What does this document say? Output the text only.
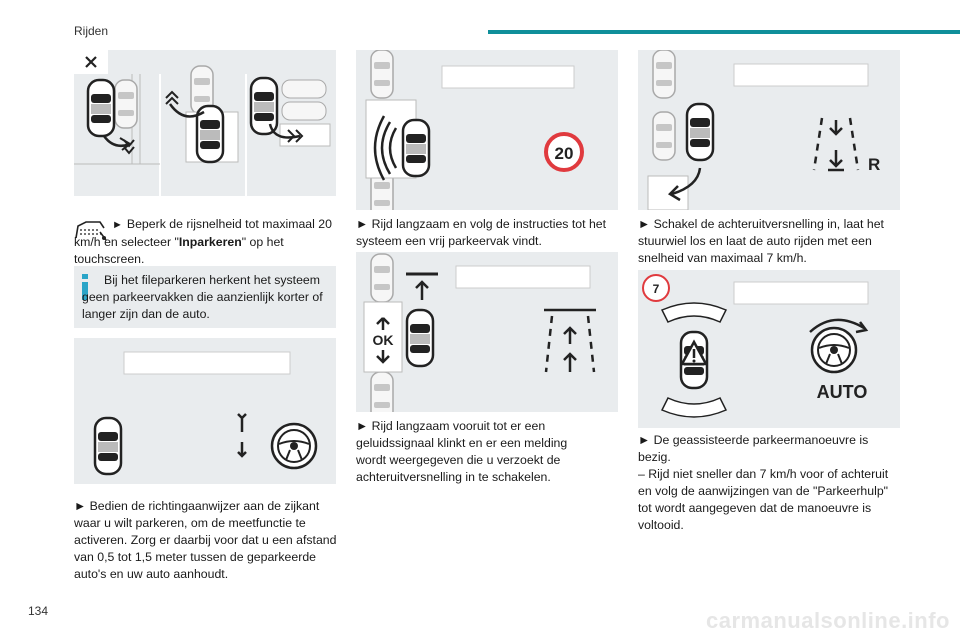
Rijden
► Beperk de rijsnelheid tot maximaal 20 km/h en selecteer "Inparkeren" op het touchscreen.
Bij het fileparkeren herkent het systeem geen parkeervakken die aanzienlijk korter of langer zijn dan de auto.
► Bedien de richtingaanwijzer aan de zijkant waar u wilt parkeren, om de meetfunctie te activeren. Zorg er daarbij voor dat u een afstand van 0,5 tot 1,5 meter tussen de geparkeerde auto's en uw auto aanhoudt.
20
► Rijd langzaam en volg de instructies tot het systeem een vrij parkeervak vindt.
OK
► Rijd langzaam vooruit tot er een geluidssignaal klinkt en er een melding wordt weergegeven die u verzoekt de achteruitversnelling in te schakelen.
R
► Schakel de achteruitversnelling in, laat het stuurwiel los en laat de auto rijden met een snelheid van maximaal 7 km/h.
7
AUTO
► De geassisteerde parkeermanoeuvre is bezig.
– Rijd niet sneller dan 7 km/h voor of achteruit en volg de aanwijzingen van de "Parkeerhulp" tot wordt aangegeven dat de manoeuvre is voltooid.
134	carmanualsonline.info
